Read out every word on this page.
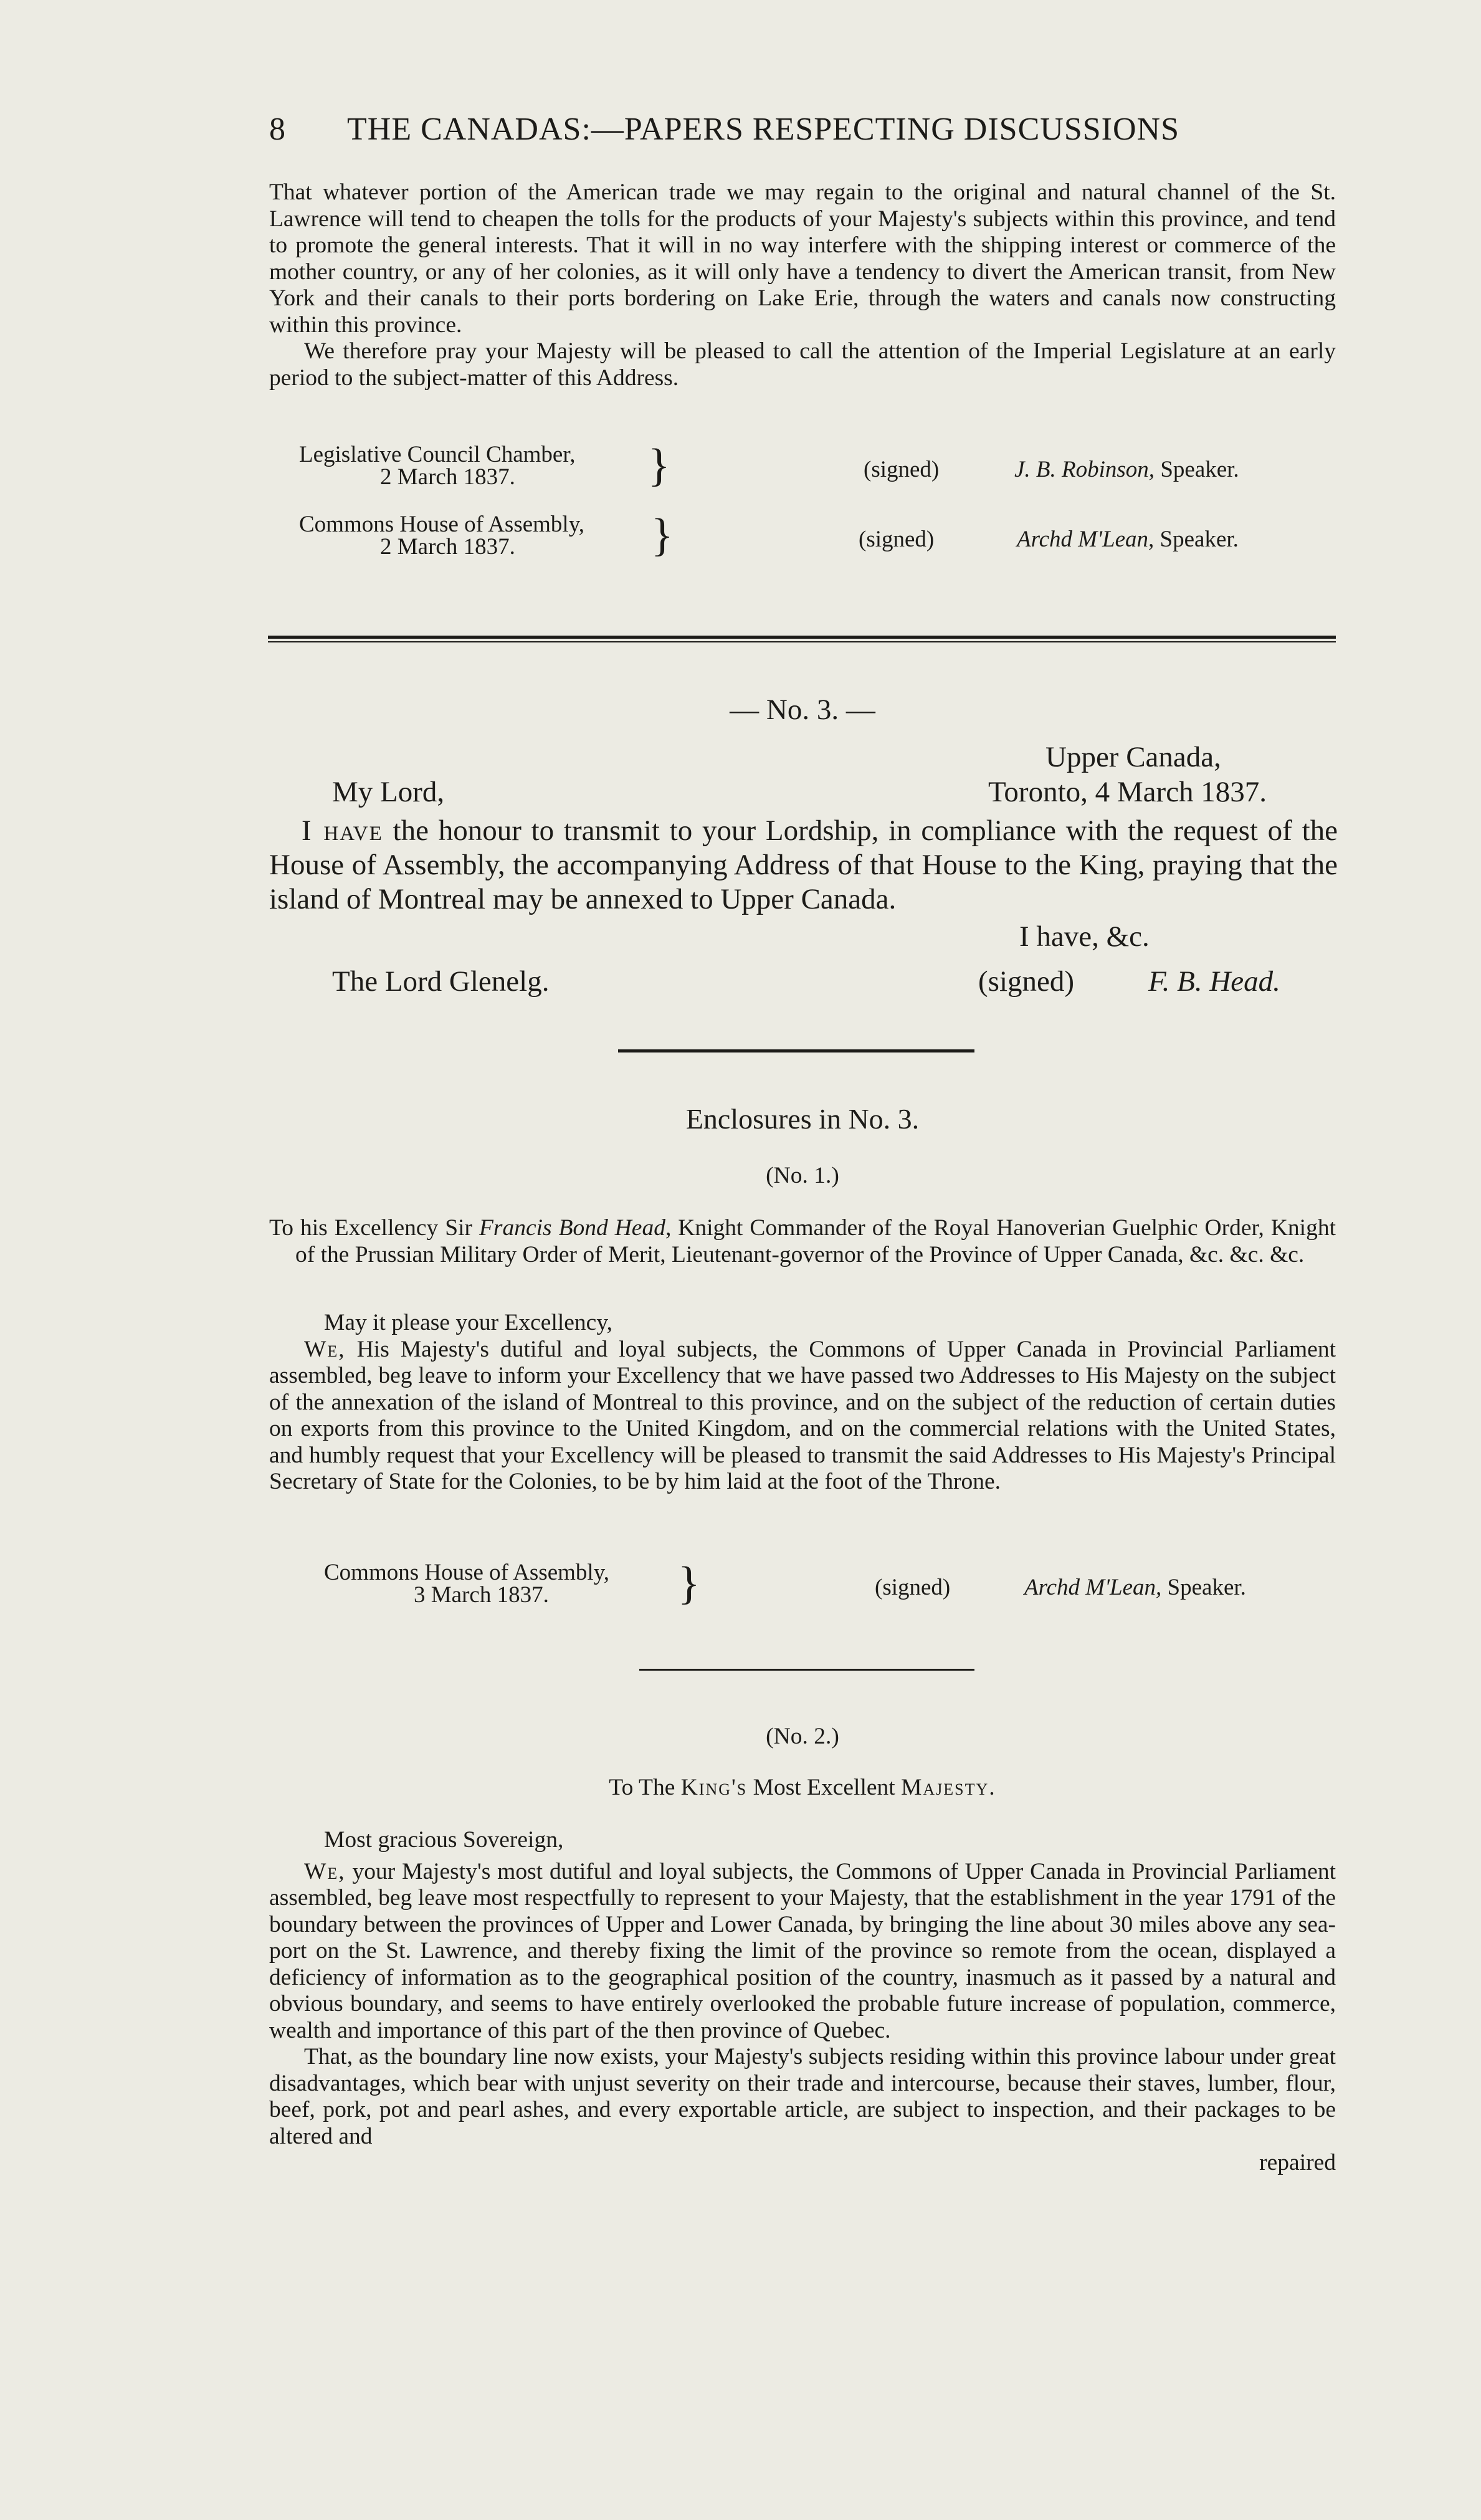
8 THE CANADAS:—PAPERS RESPECTING DISCUSSIONS

That whatever portion of the American trade we may regain to the original and natural channel of the St. Lawrence will tend to cheapen the tolls for the products of your Majesty's subjects within this province, and tend to promote the general interests. That it will in no way interfere with the shipping interest or commerce of the mother country, or any of her colonies, as it will only have a tendency to divert the American transit, from New York and their canals to their ports bordering on Lake Erie, through the waters and canals now constructing within this province.

We therefore pray your Majesty will be pleased to call the attention of the Imperial Legislature at an early period to the subject-matter of this Address.

Legislative Council Chamber,
2 March 1837.	}	(signed)	J. B. Robinson, Speaker.
Commons House of Assembly,
2 March 1837.	}	(signed)	Archd M'Lean, Speaker.
— No. 3. —
Upper Canada,
My Lord,	Toronto, 4 March 1837.
I have the honour to transmit to your Lordship, in compliance with the request of the House of Assembly, the accompanying Address of that House to the King, praying that the island of Montreal may be annexed to Upper Canada.
I have, &c.
The Lord Glenelg.	(signed)	F. B. Head.
Enclosures in No. 3.
(No. 1.)
To his Excellency Sir Francis Bond Head, Knight Commander of the Royal Hanoverian Guelphic Order, Knight of the Prussian Military Order of Merit, Lieutenant-governor of the Province of Upper Canada, &c. &c. &c.

May it please your Excellency,

We, His Majesty's dutiful and loyal subjects, the Commons of Upper Canada in Provincial Parliament assembled, beg leave to inform your Excellency that we have passed two Addresses to His Majesty on the subject of the annexation of the island of Montreal to this province, and on the subject of the reduction of certain duties on exports from this province to the United Kingdom, and on the commercial relations with the United States, and humbly request that your Excellency will be pleased to transmit the said Addresses to His Majesty's Principal Secretary of State for the Colonies, to be by him laid at the foot of the Throne.

Commons House of Assembly,
3 March 1837.	}	(signed)	Archd M'Lean, Speaker.
(No. 2.)
To The King's Most Excellent Majesty.

Most gracious Sovereign,

We, your Majesty's most dutiful and loyal subjects, the Commons of Upper Canada in Provincial Parliament assembled, beg leave most respectfully to represent to your Majesty, that the establishment in the year 1791 of the boundary between the provinces of Upper and Lower Canada, by bringing the line about 30 miles above any sea-port on the St. Lawrence, and thereby fixing the limit of the province so remote from the ocean, displayed a deficiency of information as to the geographical position of the country, inasmuch as it passed by a natural and obvious boundary, and seems to have entirely overlooked the probable future increase of population, commerce, wealth and importance of this part of the then province of Quebec.

That, as the boundary line now exists, your Majesty's subjects residing within this province labour under great disadvantages, which bear with unjust severity on their trade and intercourse, because their staves, lumber, flour, beef, pork, pot and pearl ashes, and every exportable article, are subject to inspection, and their packages to be altered and

repaired
